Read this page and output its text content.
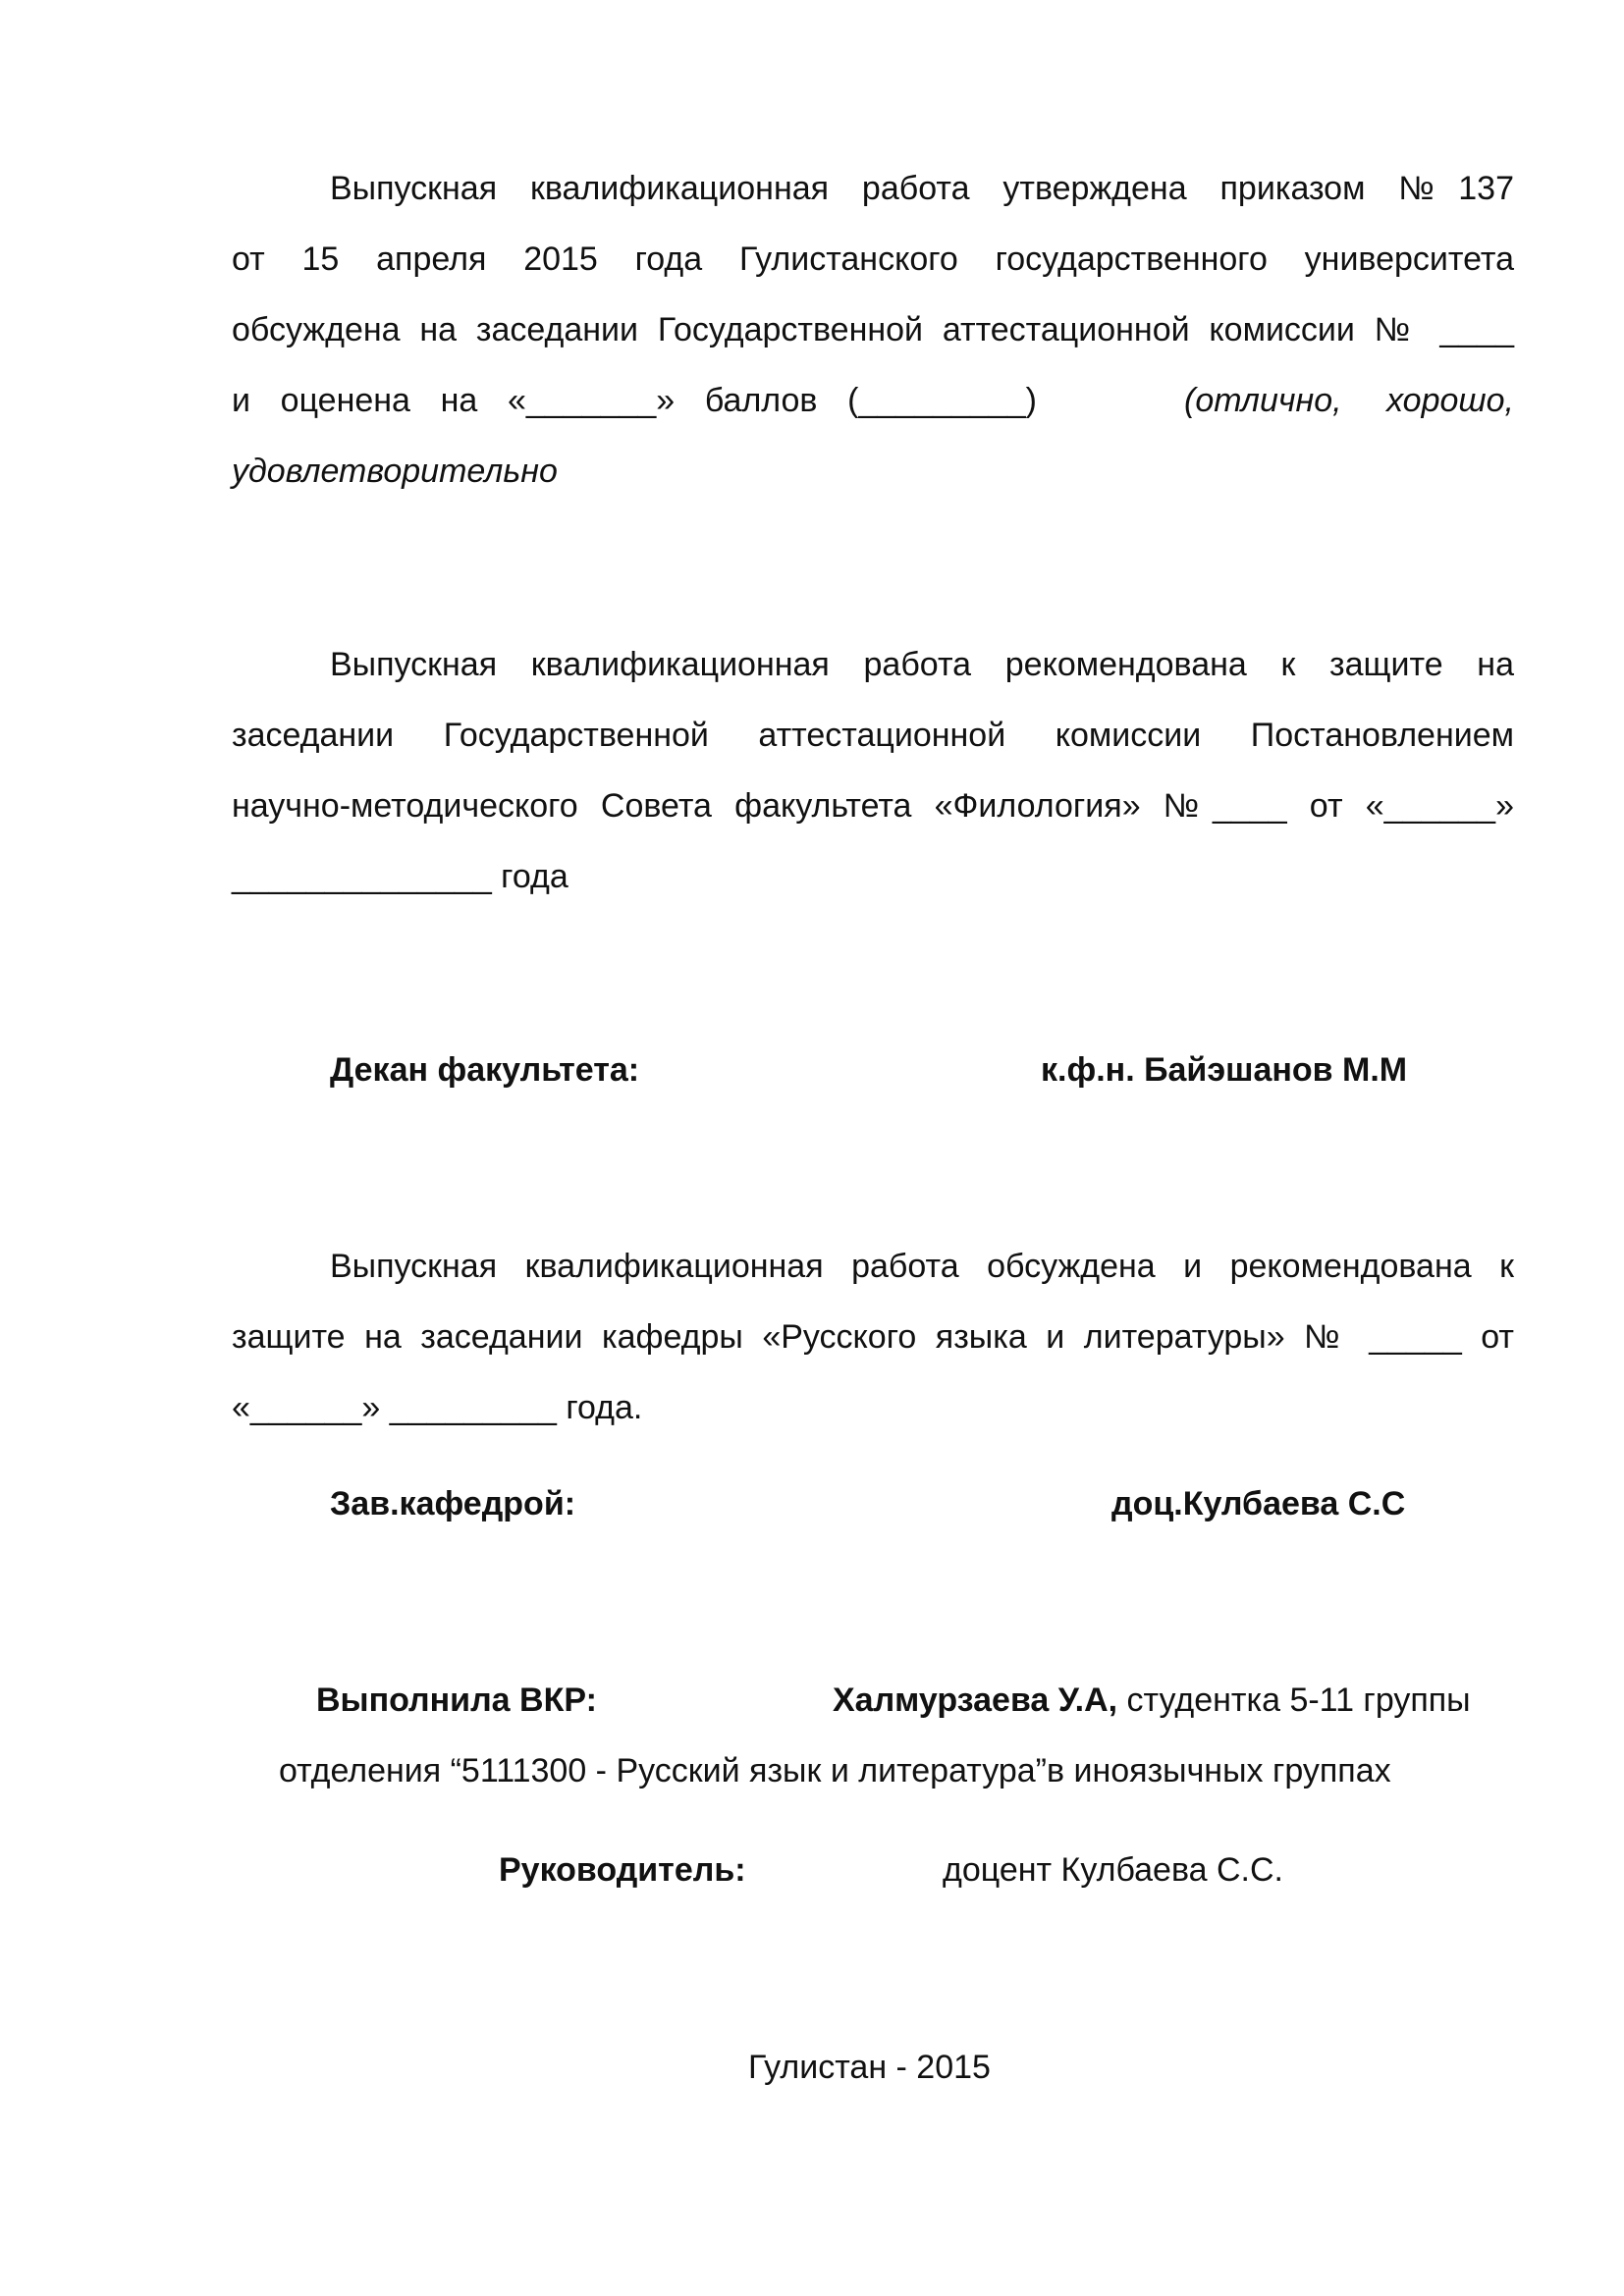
Выпускная квалификационная работа утверждена приказом №137
от 15 апреля 2015 года Гулистанского государственного университета
обсуждена на заседании Государственной аттестационной комиссии № ____
и оценена на «_______» баллов (_________)	(отлично, хорошо,
удовлетворительно
Выпускная квалификационная работа рекомендована к защите на
заседании Государственной аттестационной комиссии Постановлением
научно-методического Совета факультета «Филология» №____ от «______»
______________ года
Декан факультета:	к.ф.н. Байэшанов М.М
Выпускная квалификационная работа обсуждена и рекомендована к
защите на заседании кафедры «Русского языка и литературы» № _____ от
«______» _________ года.
Зав.кафедрой:	доц.Кулбаева С.С
Выполнила ВКР:	Халмурзаева У.А, студентка 5-11 группы
отделения “5111300 - Русский язык и литература”в иноязычных группах
Руководитель:	доцент Кулбаева С.С.
Гулистан - 2015
